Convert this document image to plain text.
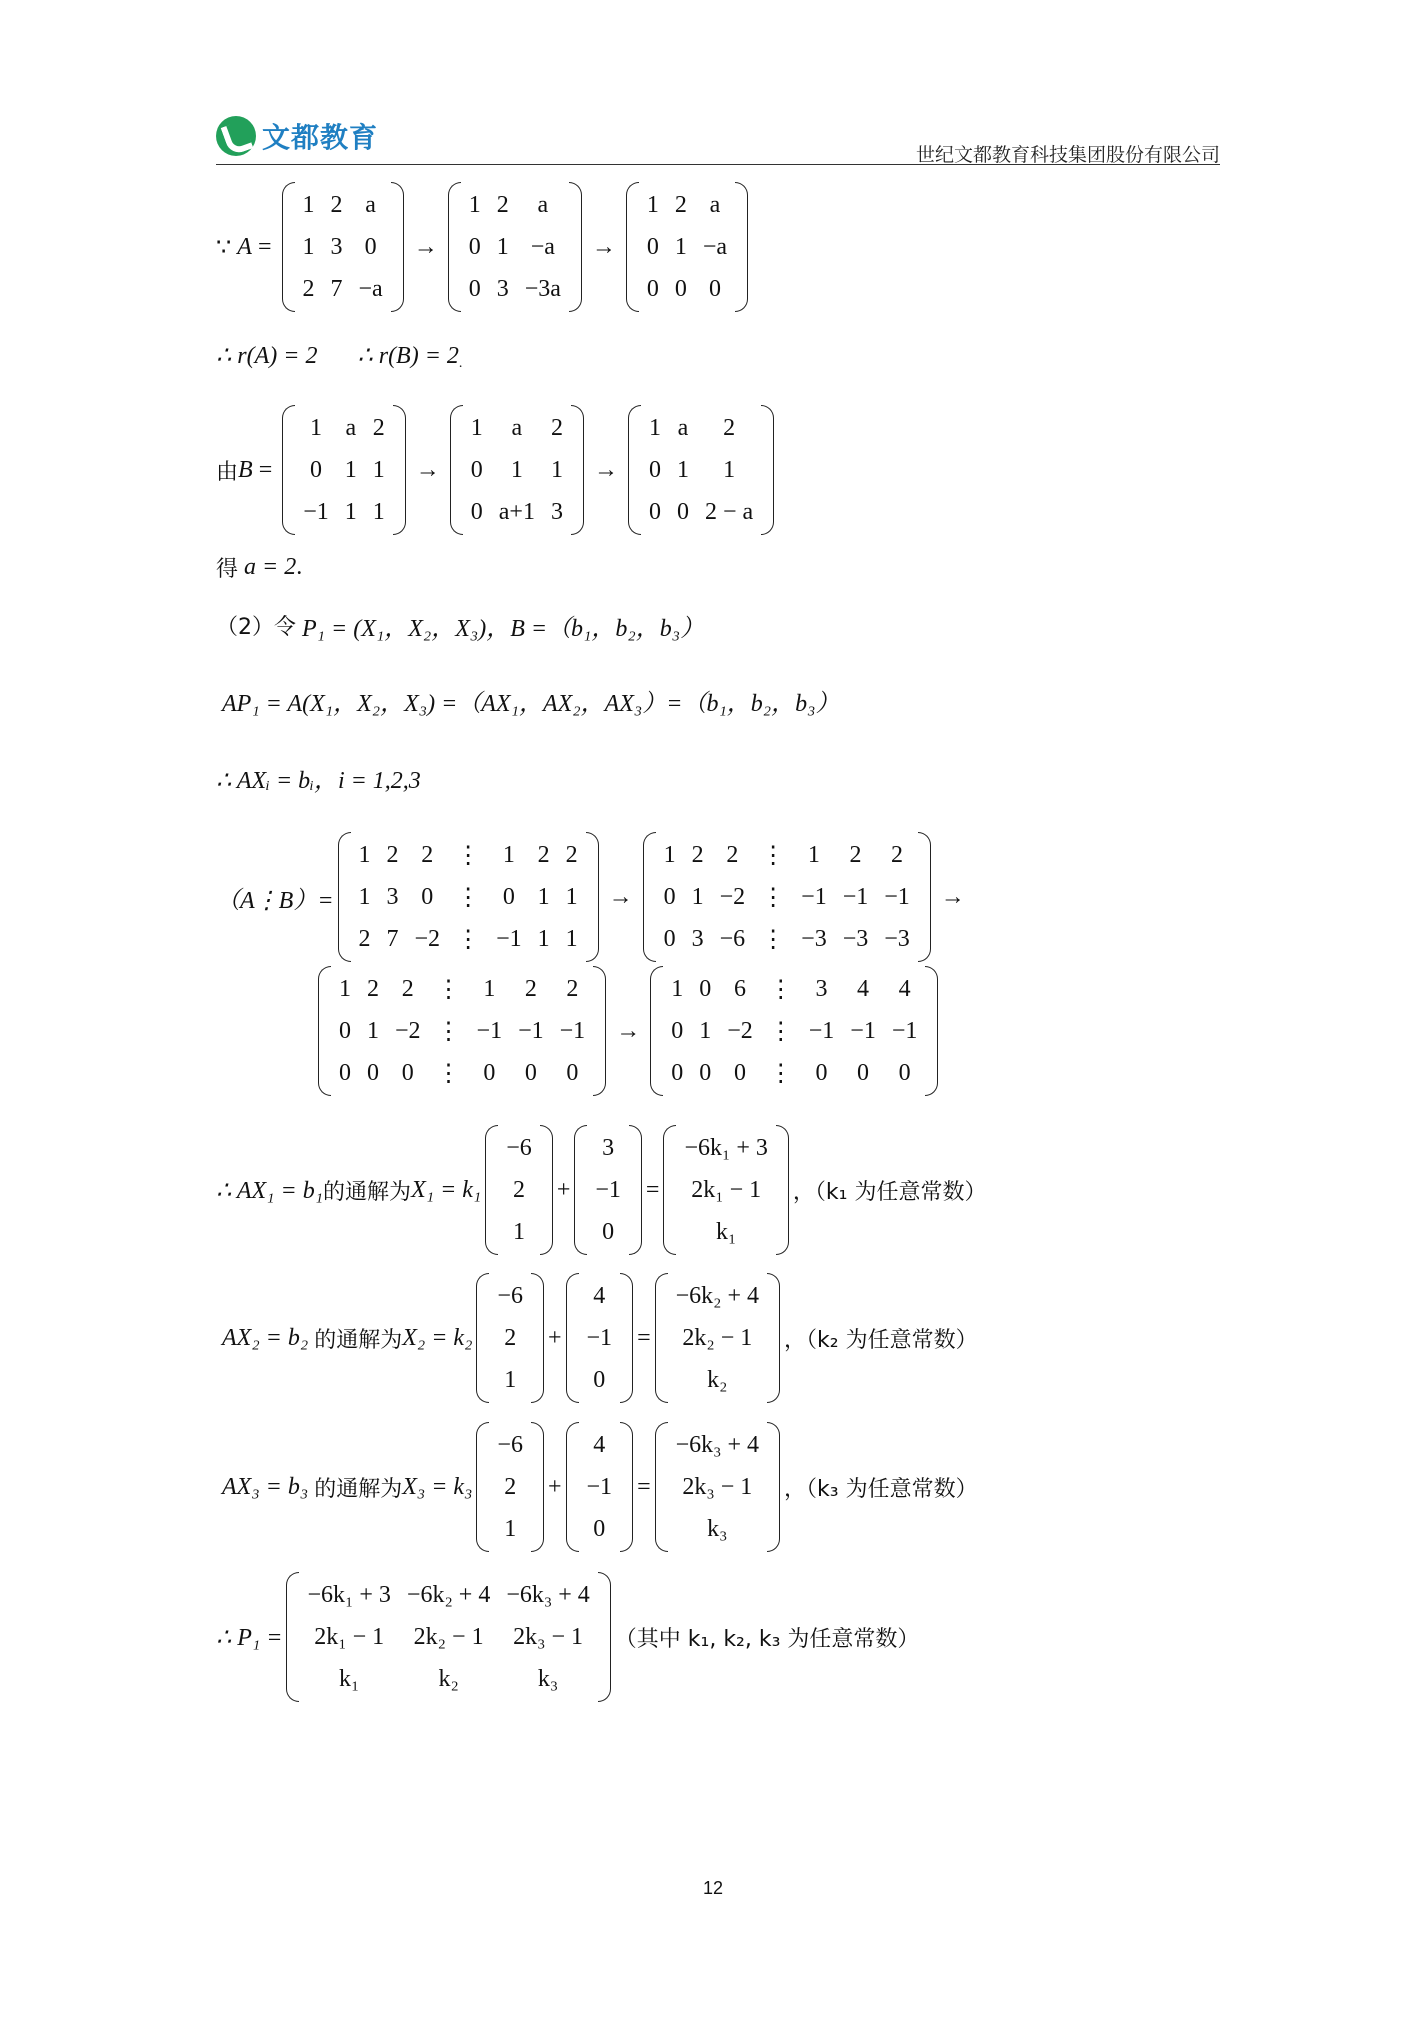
文都教育
世纪文都教育科技集团股份有限公司
∵
A =
1	2	a
1	3	0
2	7	−a
→
1	2	a
0	1	−a
0	3	−3a
→
1	2	a
0	1	−a
0	0	0
∴ r(A) = 2 ∴ r(B) = 2 .
由 B =
1	a	2
0	1	1
−1	1	1
→
1	a	2
0	1	1
0	a+1	3
→
1	a	2
0	1	1
0	0	2 − a
得
a = 2 .
（2）令
P₁ = (X₁，X₂，X₃)，B =（b₁，b₂，b₃）
AP₁ = A(X₁，X₂，X₃) =（AX₁，AX₂，AX₃）=（b₁，b₂，b₃）
∴ AXᵢ = bᵢ，i = 1,2,3
（A⋮B）=
1	2	2	⋮	1	2	2
1	3	0	⋮	0	1	1
2	7	−2	⋮	−1	1	1
→
1	2	2	⋮	1	2	2
0	1	−2	⋮	−1	−1	−1
0	3	−6	⋮	−3	−3	−3
→
1	2	2	⋮	1	2	2
0	1	−2	⋮	−1	−1	−1
0	0	0	⋮	0	0	0
→
1	0	6	⋮	3	4	4
0	1	−2	⋮	−1	−1	−1
0	0	0	⋮	0	0	0
∴ AX₁ = b₁ 的通解为 X₁ = k₁
−6
2
1
+
3
−1
0
=
−6k₁ + 3
2k₁ − 1
k₁
，（k₁ 为任意常数）
AX₂ = b₂
的通解为 X₂ = k₂
−6
2
1
+
4
−1
0
=
−6k₂ + 4
2k₂ − 1
k₂
，（k₂ 为任意常数）
AX₃ = b₃
的通解为 X₃ = k₃
−6
2
1
+
4
−1
0
=
−6k₃ + 4
2k₃ − 1
k₃
，（k₃ 为任意常数）
∴ P₁ =
−6k₁ + 3	−6k₂ + 4	−6k₃ + 4
2k₁ − 1	2k₂ − 1	2k₃ − 1
k₁	k₂	k₃
（其中 k₁, k₂, k₃ 为任意常数）
12
